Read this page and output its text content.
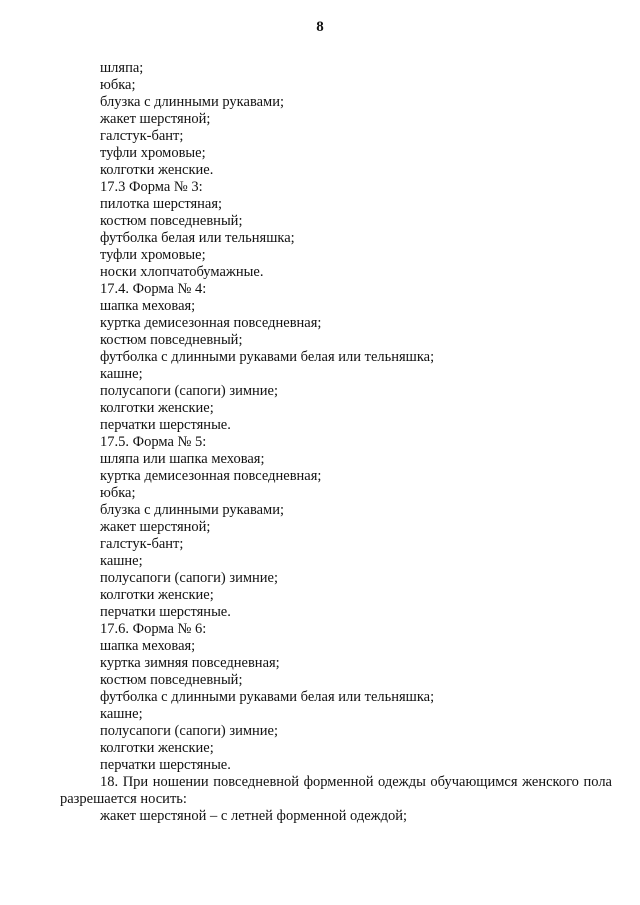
8
шляпа;
юбка;
блузка с длинными рукавами;
жакет шерстяной;
галстук-бант;
туфли хромовые;
колготки женские.
17.3 Форма № 3:
пилотка шерстяная;
костюм повседневный;
футболка белая или тельняшка;
туфли хромовые;
носки хлопчатобумажные.
17.4. Форма № 4:
шапка меховая;
куртка демисезонная повседневная;
костюм повседневный;
футболка с длинными рукавами белая или тельняшка;
кашне;
полусапоги (сапоги) зимние;
колготки женские;
перчатки шерстяные.
17.5. Форма № 5:
шляпа или шапка меховая;
куртка демисезонная повседневная;
юбка;
блузка с длинными рукавами;
жакет шерстяной;
галстук-бант;
кашне;
полусапоги (сапоги) зимние;
колготки женские;
перчатки шерстяные.
17.6. Форма № 6:
шапка меховая;
куртка зимняя повседневная;
костюм повседневный;
футболка с длинными рукавами белая или тельняшка;
кашне;
полусапоги (сапоги) зимние;
колготки женские;
перчатки шерстяные.
18. При ношении повседневной форменной одежды обучающимся женского пола разрешается носить:
жакет шерстяной – с летней форменной одеждой;
